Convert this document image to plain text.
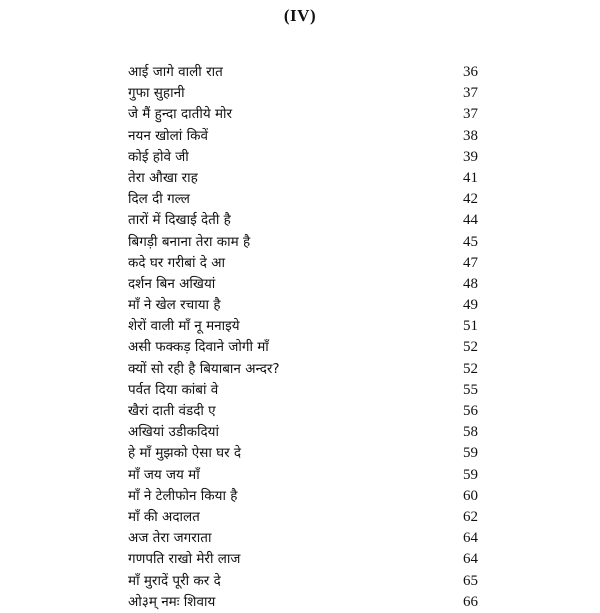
(IV)
आई जागे वाली रात	36
गुफा सुहानी	37
जे मैं हुन्दा दातीये मोर	37
नयन खोलां किवें	38
कोई होवे जी	39
तेरा औखा राह	41
दिल दी गल्ल	42
तारों में दिखाई देती है	44
बिगड़ी बनाना तेरा काम है	45
कदे घर गरीबां दे आ	47
दर्शन बिन अखियां	48
माँ ने खेल रचाया है	49
शेरों वाली माँ नू मनाइये	51
असी फक्कड़ दिवाने जोगी माँ	52
क्यों सो रही है बियाबान अन्दर?	52
पर्वत दिया कांबां वे	55
खैरां दाती वंडदी ए	56
अखियां उडीकदियां	58
हे माँ मुझको ऐसा घर दे	59
माँ जय जय माँ	59
माँ ने टेलीफोन किया है	60
माँ की अदालत	62
अज तेरा जगराता	64
गणपति राखो मेरी लाज	64
माँ मुरादें पूरी कर दे	65
ओ३म् नमः शिवाय	66
